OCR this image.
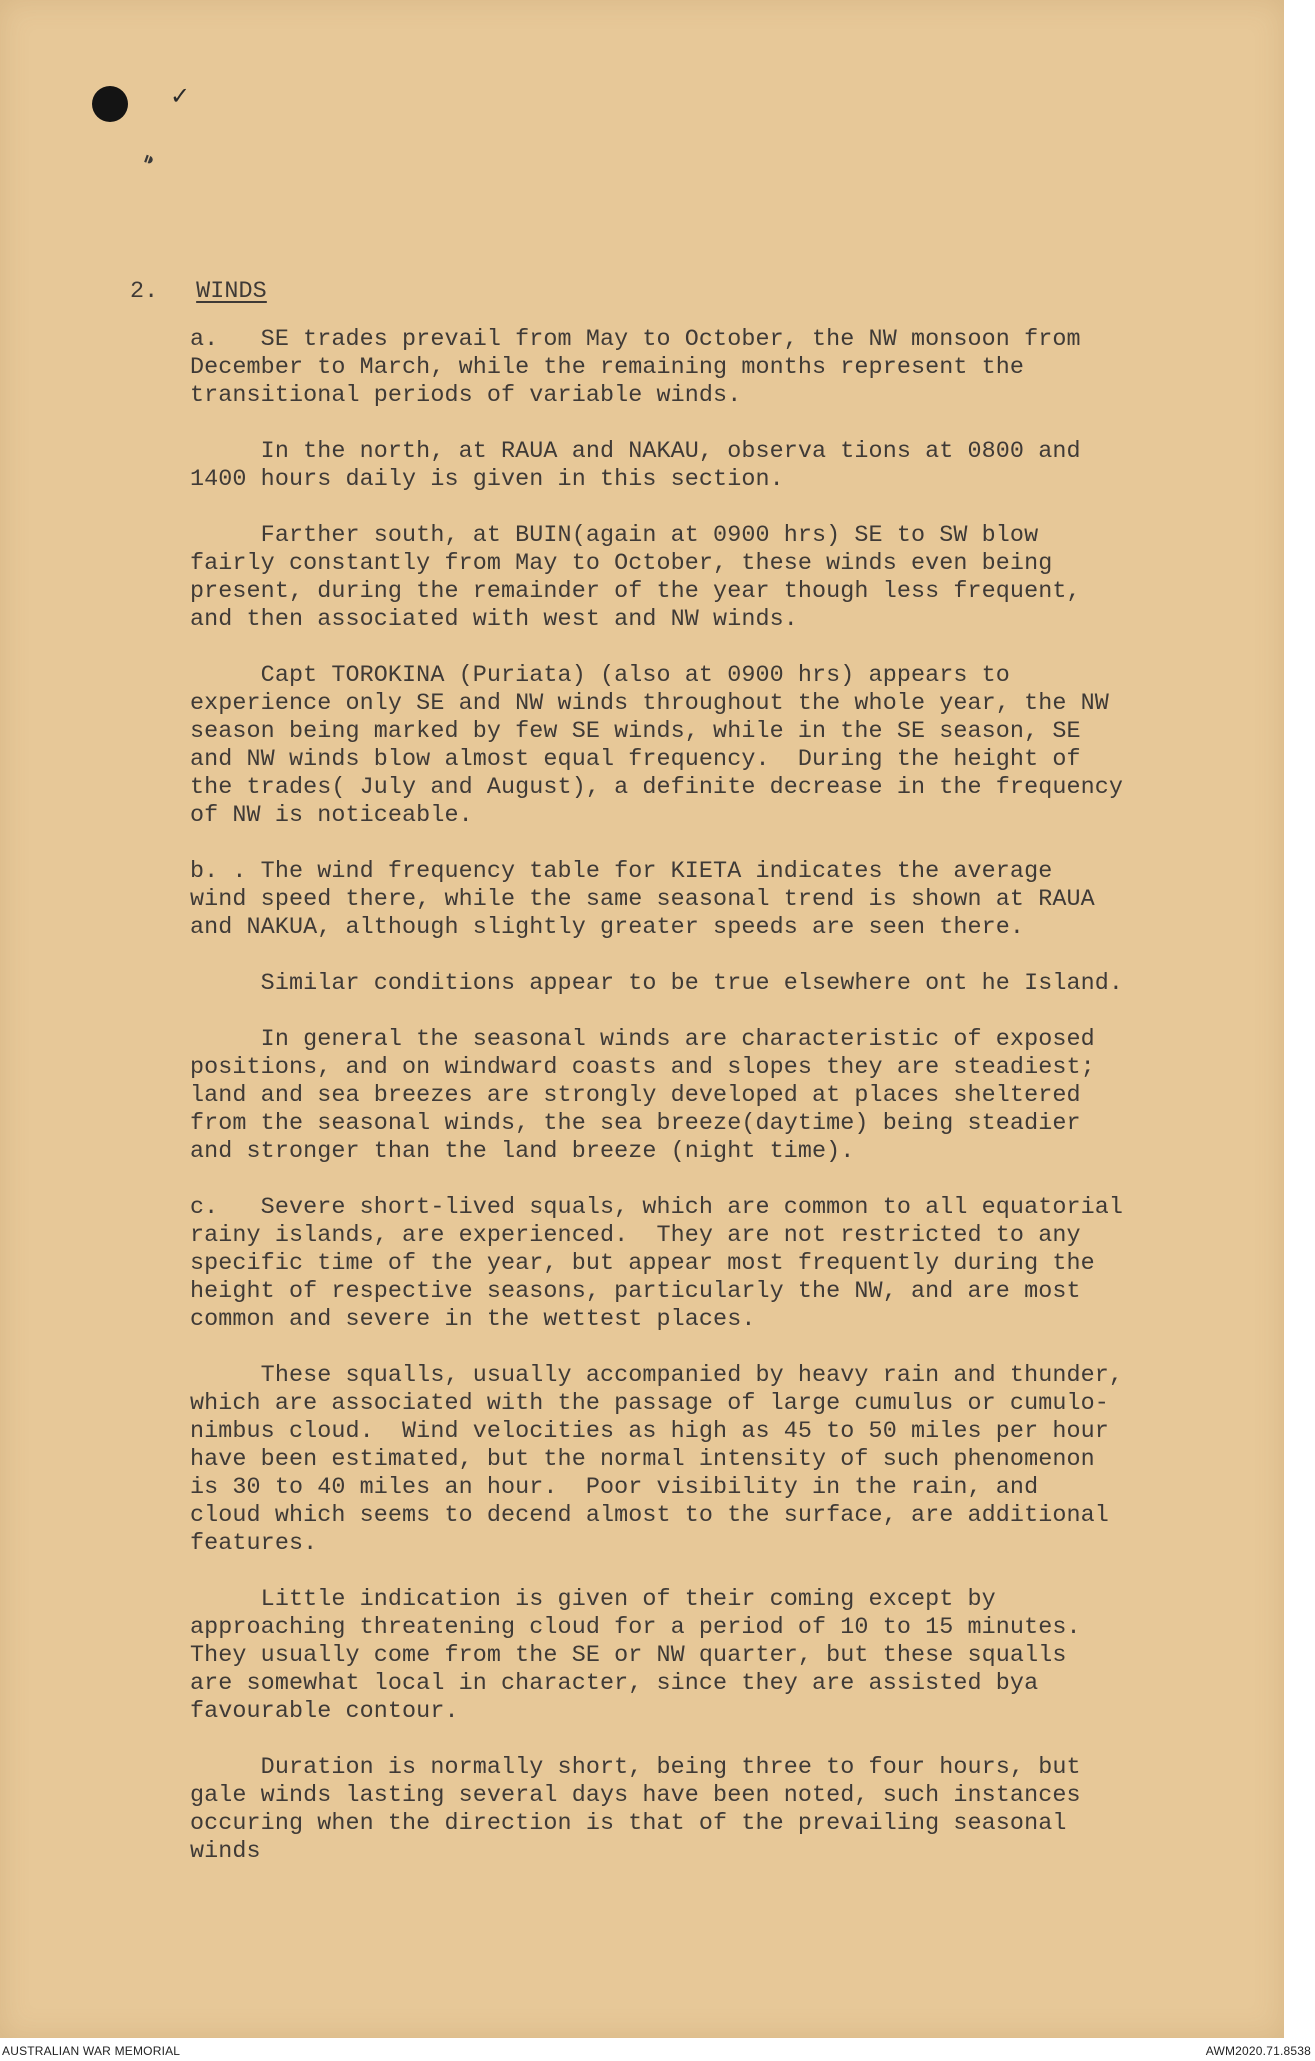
✓
⁍
2. WINDS
a.   SE trades prevail from May to October, the NW monsoon from
December to March, while the remaining months represent the
transitional periods of variable winds.
In the north, at RAUA and NAKAU, observa tions at 0800 and
1400 hours daily is given in this section.
Farther south, at BUIN(again at 0900 hrs) SE to SW blow
fairly constantly from May to October, these winds even being
present, during the remainder of the year though less frequent,
and then associated with west and NW winds.
Capt TOROKINA (Puriata) (also at 0900 hrs) appears to
experience only SE and NW winds throughout the whole year, the NW
season being marked by few SE winds, while in the SE season, SE
and NW winds blow almost equal frequency.  During the height of
the trades( July and August), a definite decrease in the frequency
of NW is noticeable.
b. . The wind frequency table for KIETA indicates the average
wind speed there, while the same seasonal trend is shown at RAUA
and NAKUA, although slightly greater speeds are seen there.
Similar conditions appear to be true elsewhere ont he Island.
In general the seasonal winds are characteristic of exposed
positions, and on windward coasts and slopes they are steadiest;
land and sea breezes are strongly developed at places sheltered
from the seasonal winds, the sea breeze(daytime) being steadier
and stronger than the land breeze (night time).
c.   Severe short-lived squals, which are common to all equatorial
rainy islands, are experienced.  They are not restricted to any
specific time of the year, but appear most frequently during the
height of respective seasons, particularly the NW, and are most
common and severe in the wettest places.
These squalls, usually accompanied by heavy rain and thunder,
which are associated with the passage of large cumulus or cumulo-
nimbus cloud.  Wind velocities as high as 45 to 50 miles per hour
have been estimated, but the normal intensity of such phenomenon
is 30 to 40 miles an hour.  Poor visibility in the rain, and
cloud which seems to decend almost to the surface, are additional
features.
Little indication is given of their coming except by
approaching threatening cloud for a period of 10 to 15 minutes.
They usually come from the SE or NW quarter, but these squalls
are somewhat local in character, since they are assisted bya
favourable contour.
Duration is normally short, being three to four hours, but
gale winds lasting several days have been noted, such instances
occuring when the direction is that of the prevailing seasonal
winds
AUSTRALIAN WAR MEMORIAL	AWM2020.71.8538
